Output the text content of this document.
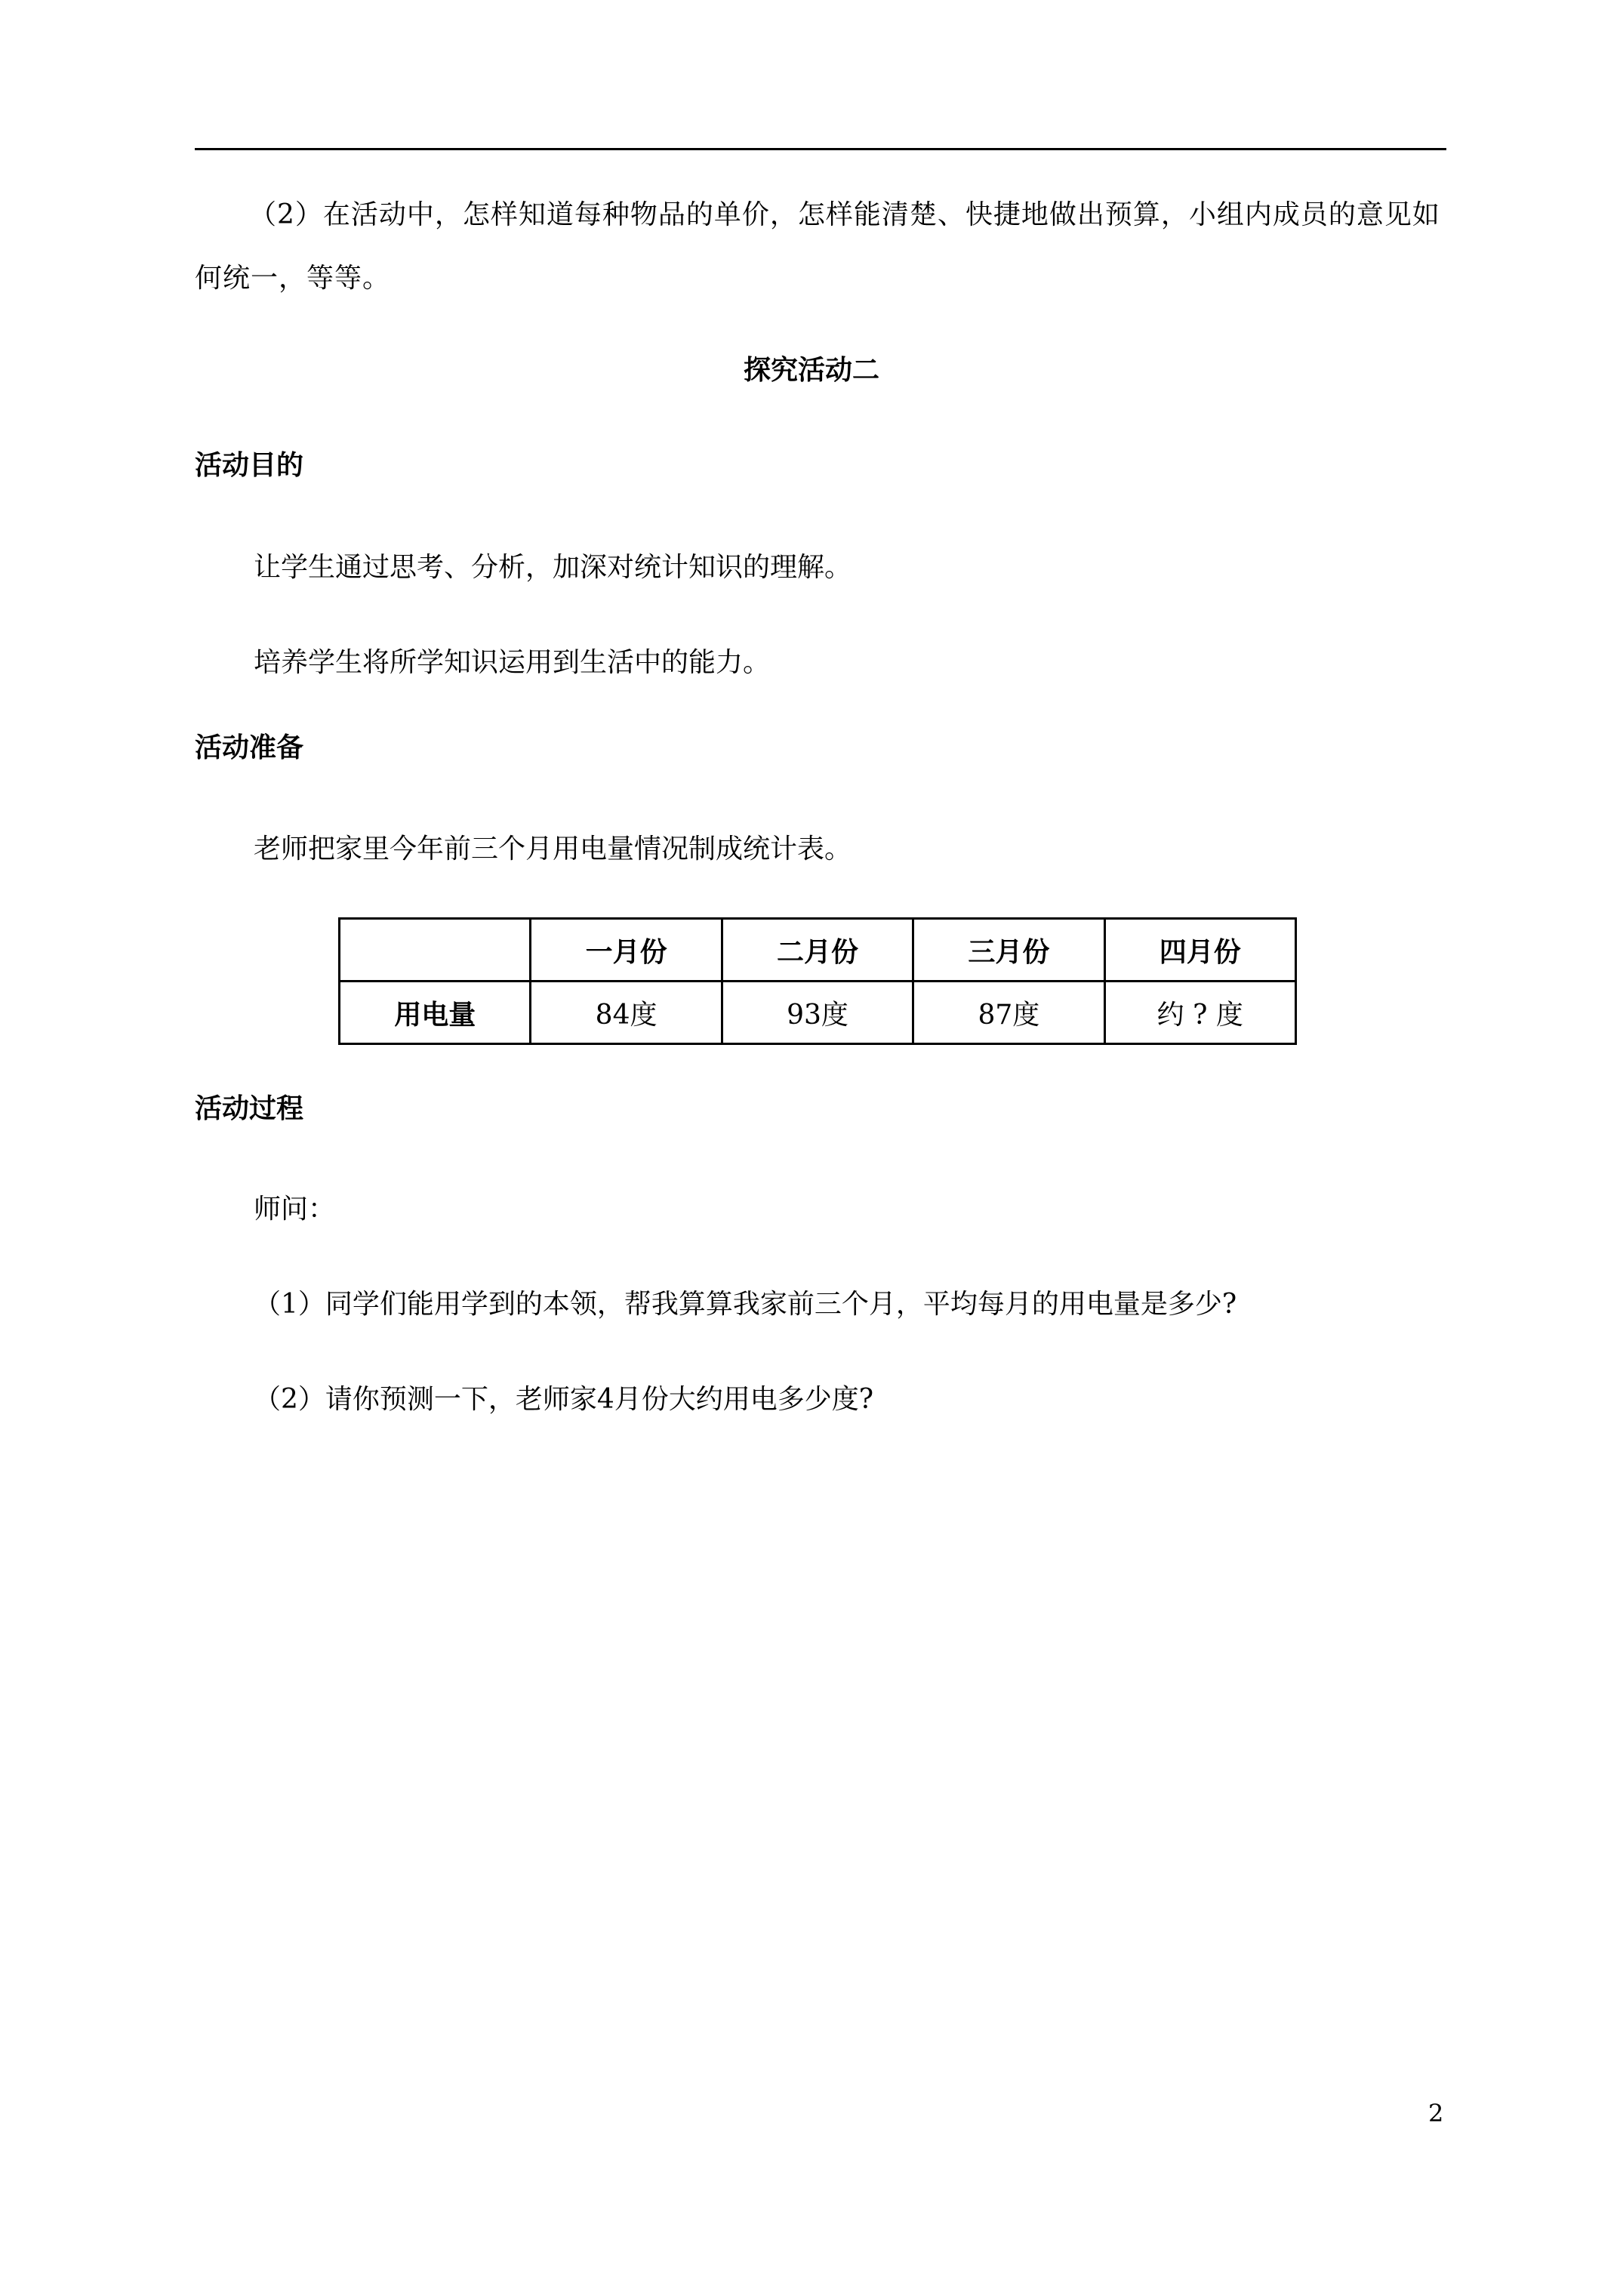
（2）在活动中，怎样知道每种物品的单价，怎样能清楚、快捷地做出预算，小组内成员的意见如何统一，等等。
探究活动二
活动目的
让学生通过思考、分析，加深对统计知识的理解。
培养学生将所学知识运用到生活中的能力。
活动准备
老师把家里今年前三个月用电量情况制成统计表。
	一月份	二月份	三月份	四月份
用电量	84度	93度	87度	约 ? 度
活动过程
师问：
（1）同学们能用学到的本领，帮我算算我家前三个月，平均每月的用电量是多少?
（2）请你预测一下，老师家4月份大约用电多少度?
2
